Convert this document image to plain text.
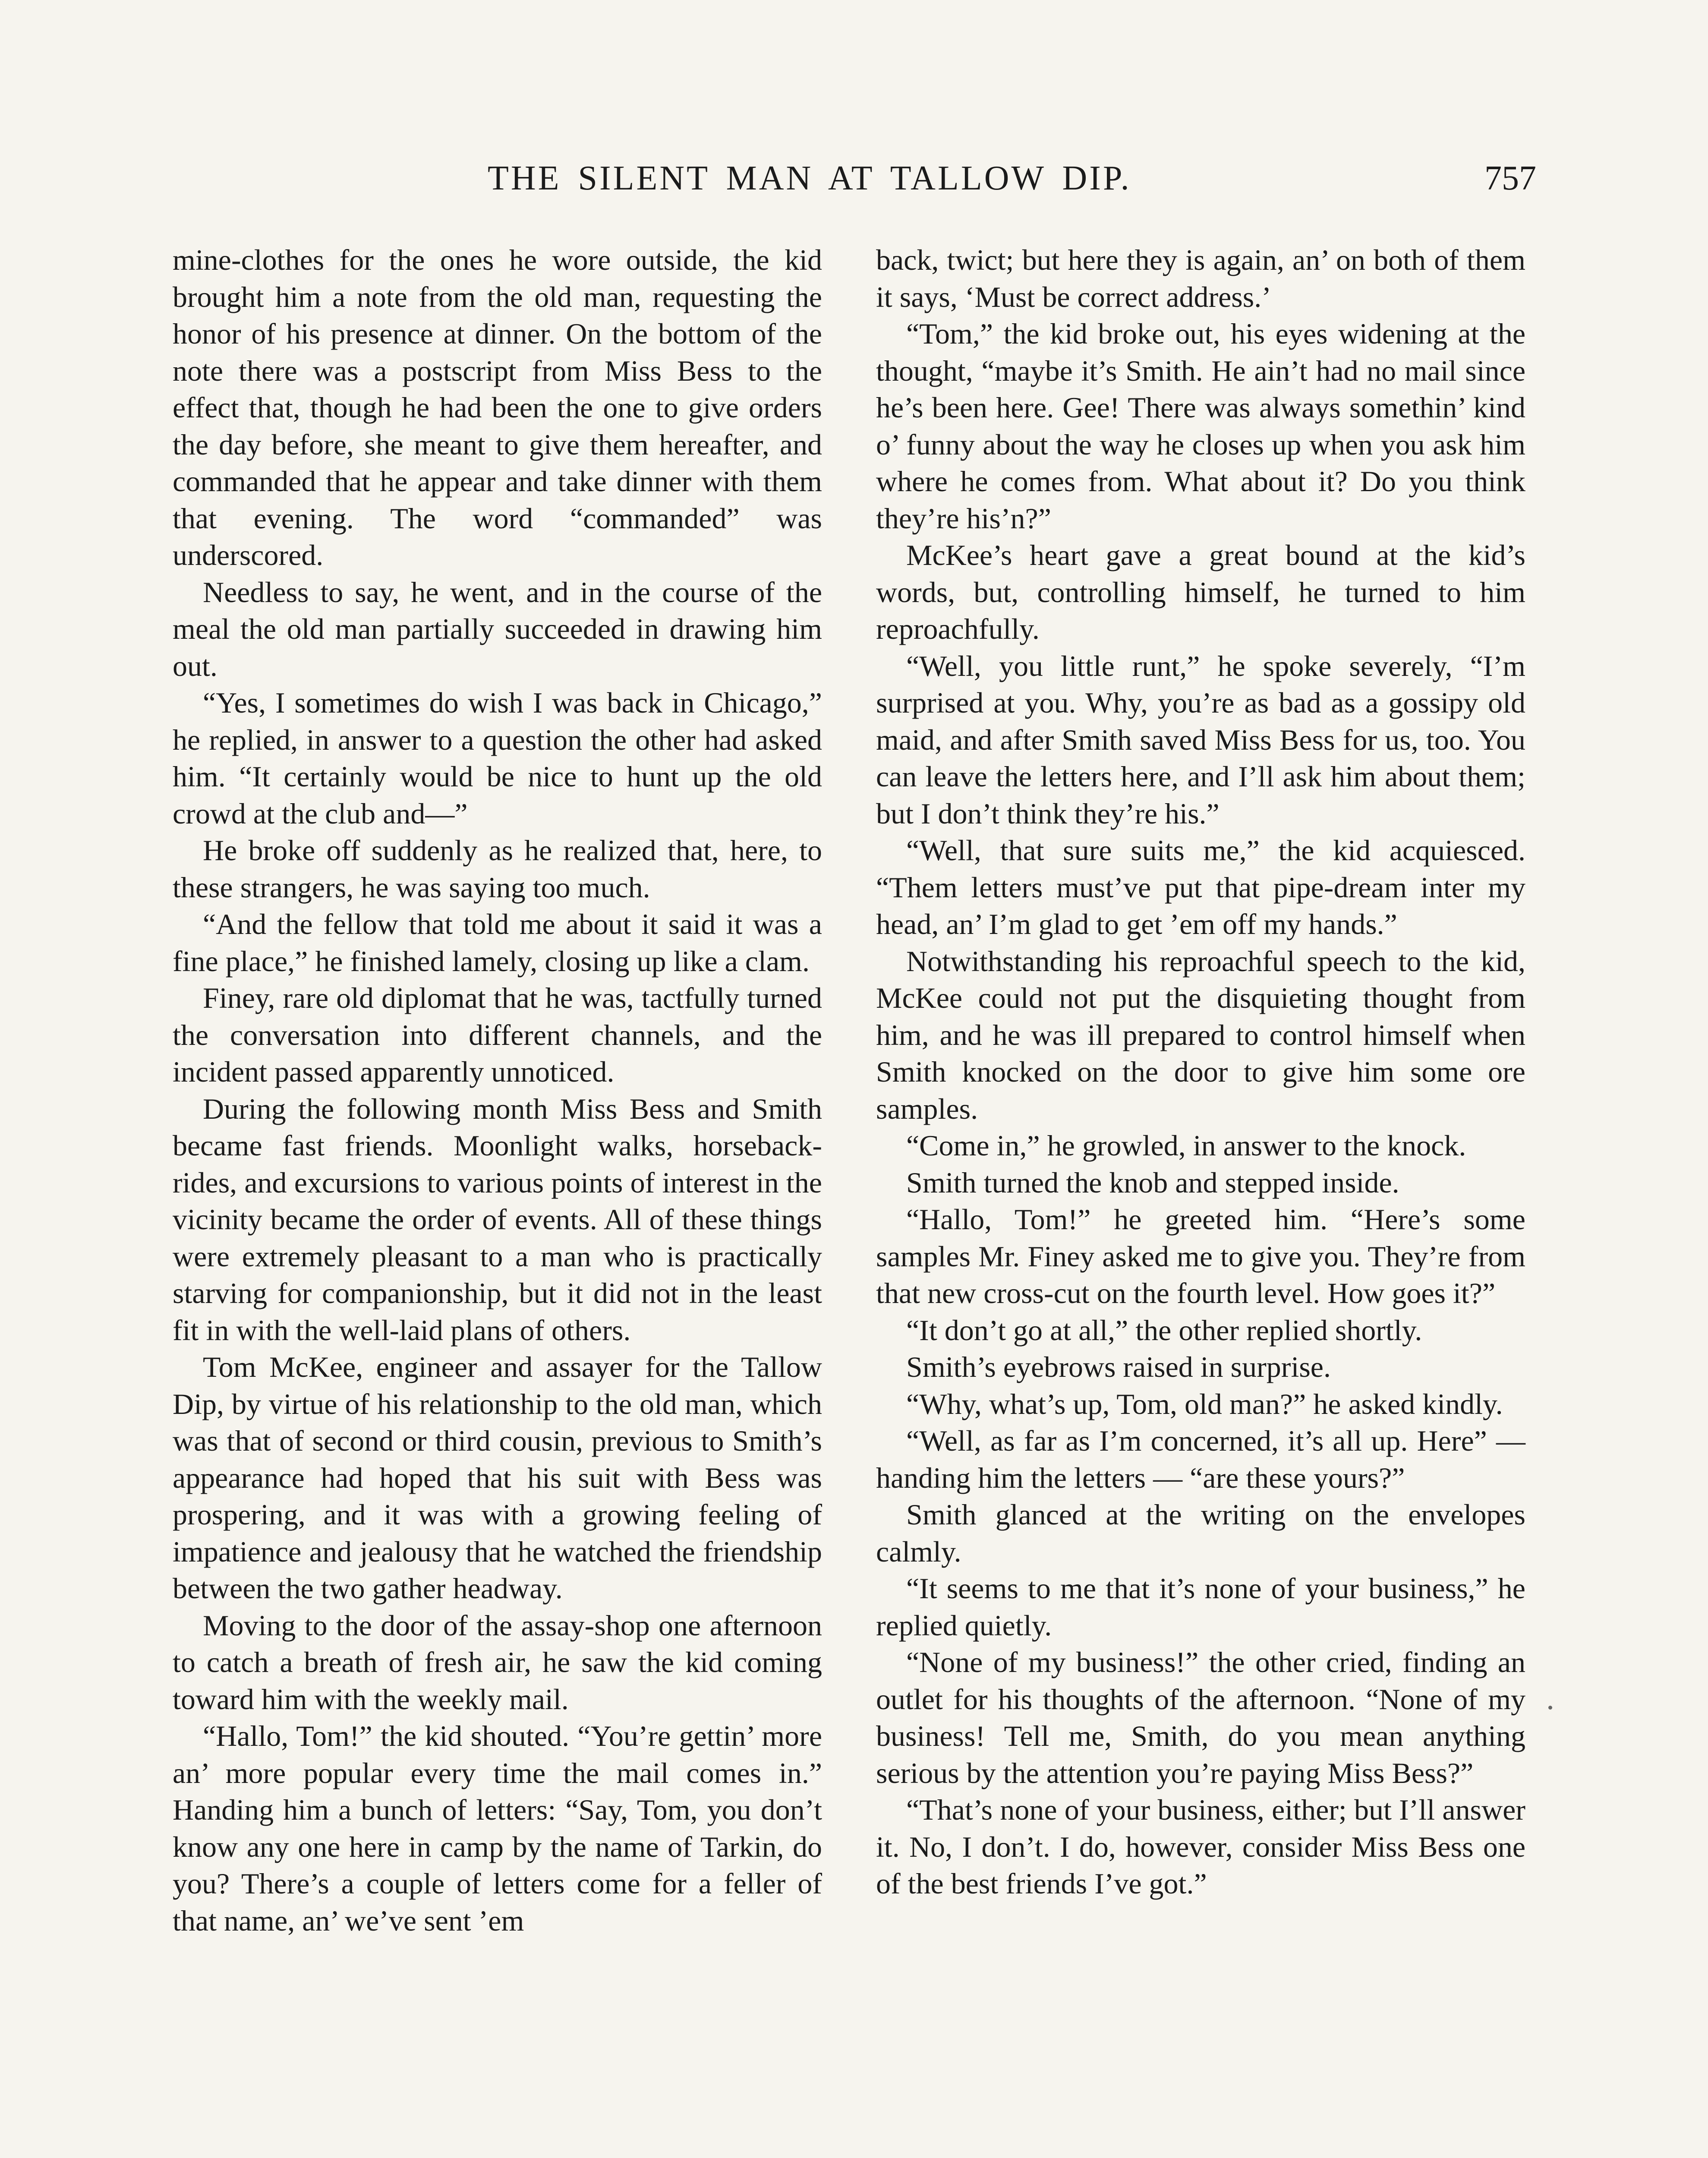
THE SILENT MAN AT TALLOW DIP.	757

mine-clothes for the ones he wore outside, the kid brought him a note from the old man, requesting the honor of his presence at dinner. On the bottom of the note there was a postscript from Miss Bess to the effect that, though he had been the one to give orders the day before, she meant to give them hereafter, and commanded that he appear and take dinner with them that evening. The word “commanded” was underscored.

Needless to say, he went, and in the course of the meal the old man partially succeeded in drawing him out.

“Yes, I sometimes do wish I was back in Chicago,” he replied, in answer to a question the other had asked him. “It certainly would be nice to hunt up the old crowd at the club and—”

He broke off suddenly as he realized that, here, to these strangers, he was saying too much.

“And the fellow that told me about it said it was a fine place,” he finished lamely, closing up like a clam.

Finey, rare old diplomat that he was, tactfully turned the conversation into different channels, and the incident passed apparently unnoticed.

During the following month Miss Bess and Smith became fast friends. Moonlight walks, horseback-rides, and excursions to various points of interest in the vicinity became the order of events. All of these things were extremely pleasant to a man who is practically starving for companionship, but it did not in the least fit in with the well-laid plans of others.

Tom McKee, engineer and assayer for the Tallow Dip, by virtue of his relationship to the old man, which was that of second or third cousin, previous to Smith’s appearance had hoped that his suit with Bess was prospering, and it was with a growing feeling of impatience and jealousy that he watched the friendship between the two gather headway.

Moving to the door of the assay-shop one afternoon to catch a breath of fresh air, he saw the kid coming toward him with the weekly mail.

“Hallo, Tom!” the kid shouted. “You’re gettin’ more an’ more popular every time the mail comes in.” Handing him a bunch of letters: “Say, Tom, you don’t know any one here in camp by the name of Tarkin, do you? There’s a couple of letters come for a feller of that name, an’ we’ve sent ’em

back, twict; but here they is again, an’ on both of them it says, ‘Must be correct address.’

“Tom,” the kid broke out, his eyes widening at the thought, “maybe it’s Smith. He ain’t had no mail since he’s been here. Gee! There was always somethin’ kind o’ funny about the way he closes up when you ask him where he comes from. What about it? Do you think they’re his’n?”

McKee’s heart gave a great bound at the kid’s words, but, controlling himself, he turned to him reproachfully.

“Well, you little runt,” he spoke severely, “I’m surprised at you. Why, you’re as bad as a gossipy old maid, and after Smith saved Miss Bess for us, too. You can leave the letters here, and I’ll ask him about them; but I don’t think they’re his.”

“Well, that sure suits me,” the kid acquiesced. “Them letters must’ve put that pipe-dream inter my head, an’ I’m glad to get ’em off my hands.”

Notwithstanding his reproachful speech to the kid, McKee could not put the disquieting thought from him, and he was ill prepared to control himself when Smith knocked on the door to give him some ore samples.

“Come in,” he growled, in answer to the knock.

Smith turned the knob and stepped inside.

“Hallo, Tom!” he greeted him. “Here’s some samples Mr. Finey asked me to give you. They’re from that new cross-cut on the fourth level. How goes it?”

“It don’t go at all,” the other replied shortly.

Smith’s eyebrows raised in surprise.

“Why, what’s up, Tom, old man?” he asked kindly.

“Well, as far as I’m concerned, it’s all up. Here” — handing him the letters — “are these yours?”

Smith glanced at the writing on the envelopes calmly.

“It seems to me that it’s none of your business,” he replied quietly.

“None of my business!” the other cried, finding an outlet for his thoughts of the afternoon. “None of my business! Tell me, Smith, do you mean anything serious by the attention you’re paying Miss Bess?”

“That’s none of your business, either; but I’ll answer it. No, I don’t. I do, however, consider Miss Bess one of the best friends I’ve got.”
